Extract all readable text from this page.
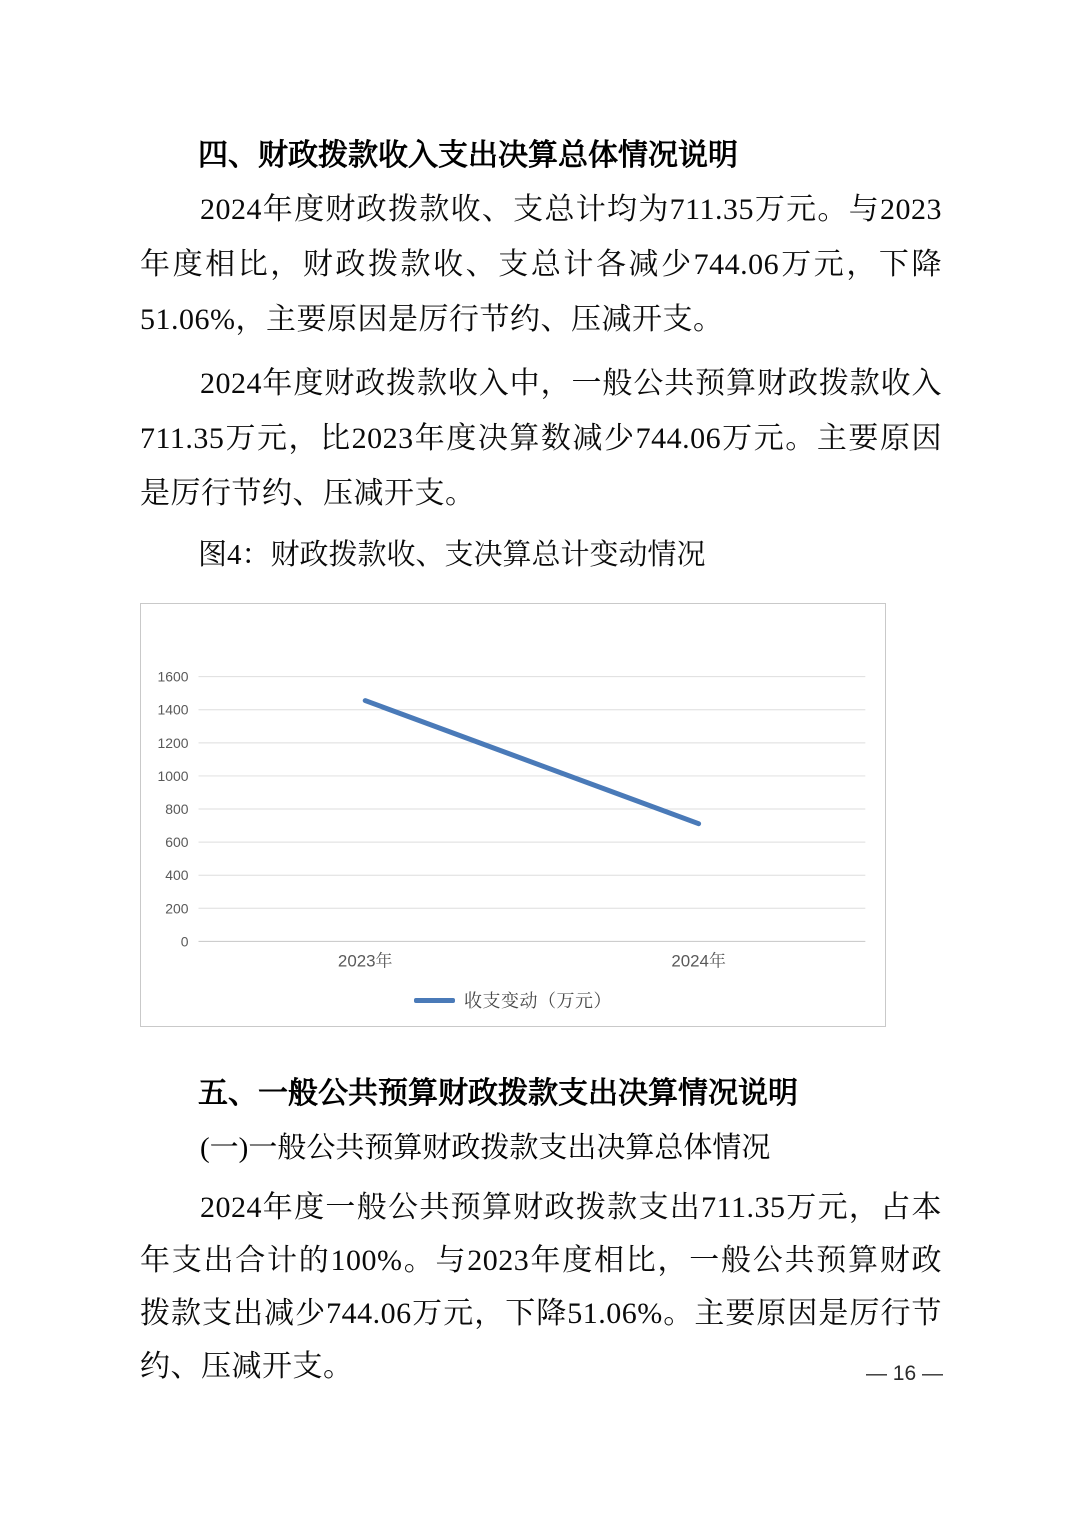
四、财政拨款收入支出决算总体情况说明
2024年度财政拨款收、支总计均为711.35万元。与2023年度相比，财政拨款收、支总计各减少744.06万元，下降51.06%，主要原因是厉行节约、压减开支。
2024年度财政拨款收入中，一般公共预算财政拨款收入711.35万元，比2023年度决算数减少744.06万元。主要原因是厉行节约、压减开支。
图4：财政拨款收、支决算总计变动情况
0
200
400
600
800
1000
1200
1400
1600
2023年	2024年
收支变动（万元）
五、一般公共预算财政拨款支出决算情况说明
(一)一般公共预算财政拨款支出决算总体情况
2024年度一般公共预算财政拨款支出711.35万元，占本年支出合计的100%。与2023年度相比，一般公共预算财政拨款支出减少744.06万元，下降51.06%。主要原因是厉行节约、压减开支。	— 16 —
